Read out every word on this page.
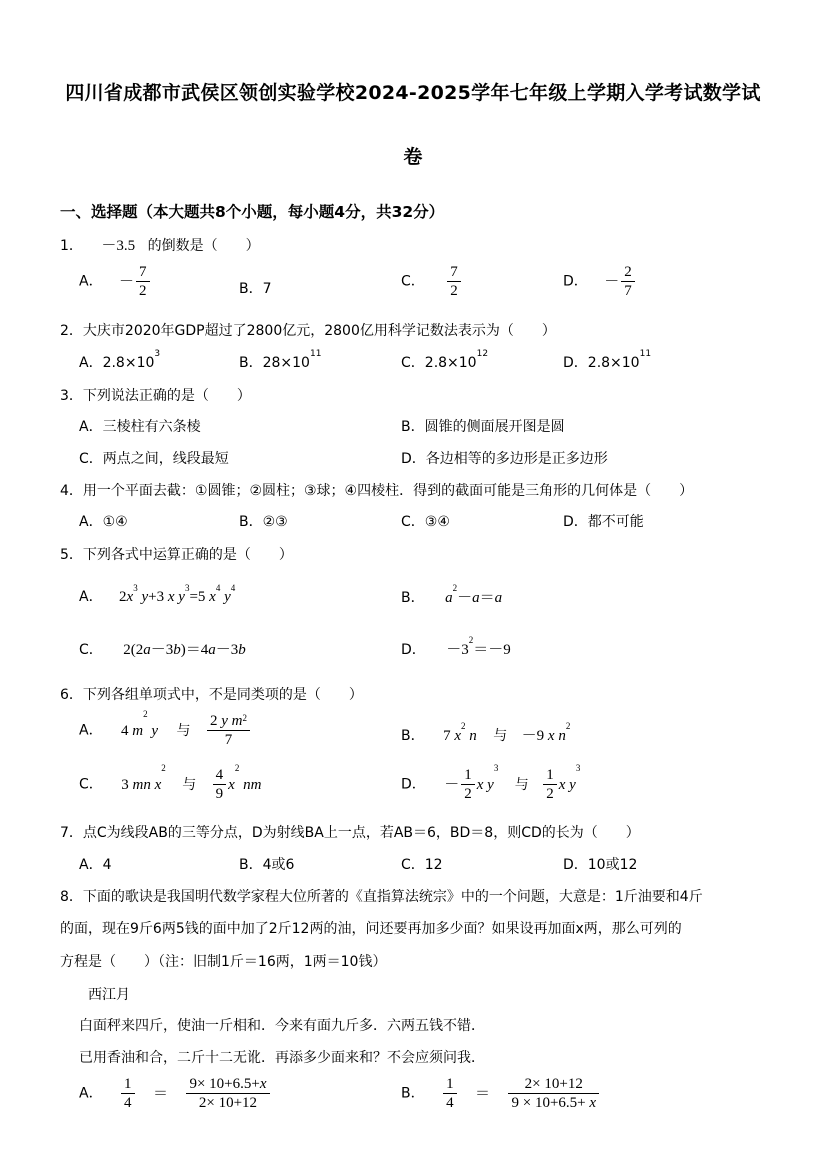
四川省成都市武侯区领创实验学校2024-2025学年七年级上学期入学考试数学试
卷
一、选择题（本大题共8个小题，每小题4分，共32分）
1． －3.5 的倒数是（　　）
A． － $\frac{7}{2}$	B．7	C． $\frac{7}{2}$	D． － $\frac{2}{7}$
2．大庆市2020年GDP超过了2800亿元，2800亿用科学记数法表示为（　　）
A．$2.8\times 10^3$
B．$28\times 10^{11}$
C．$2.8\times 10^{12}$
D．$2.8\times 10^{11}$
3．下列说法正确的是（　　）
A．三棱柱有六条棱	B．圆锥的侧面展开图是圆
C．两点之间，线段最短	D．各边相等的多边形是正多边形
4．用一个平面去截：①圆锥；②圆柱；③球；④四棱柱．得到的截面可能是三角形的几何体是（　　）
A．①④	B．②③	C．③④	D．都不可能
5．下列各式中运算正确的是（　　）
A． $2x^3$ y+3 x $y^3=5$ $x^4$ $y^4$
B． $a^2-a=a$
C． 2(2a－3b)＝4a－3b	D． $-3^2=-9$
6．下列各组单项式中，不是同类项的是（　　）
A． 4 $m^2$ y 与 $\frac{2 y m^2}{7}$	B． 7 $x^2$ n 与 －9 x $n^2$
C． 3 mn $x^2$ 与 $\frac{4}{9} x^2$ nm	D． － $\frac{1}{2}$ x $y^3$ 与 $\frac{1}{2}$ x $y^3$
7．点C为线段AB的三等分点，D为射线BA上一点，若AB＝6，BD＝8，则CD的长为（　　）
A．4	B．4或6	C．12	D．10或12
8．下面的歌诀是我国明代数学家程大位所著的《直指算法统宗》中的一个问题，大意是：1斤油要和4斤
的面，现在9斤6两5钱的面中加了2斤12两的油，问还要再加多少面？如果设再加面x两，那么可列的
方程是（　　）（注：旧制1斤＝16两，1两＝10钱）
西江月
白面秤来四斤，使油一斤相和．今来有面九斤多．六两五钱不错．
已用香油和合，二斤十二无讹．再添多少面来和？不会应须问我．
A． $\frac{1}{4} = \frac{9\times 10+6.5+x}{2\times 10+12}$	B． $\frac{1}{4} = \frac{2\times 10+12}{9 \times 10+6.5+ x}$
